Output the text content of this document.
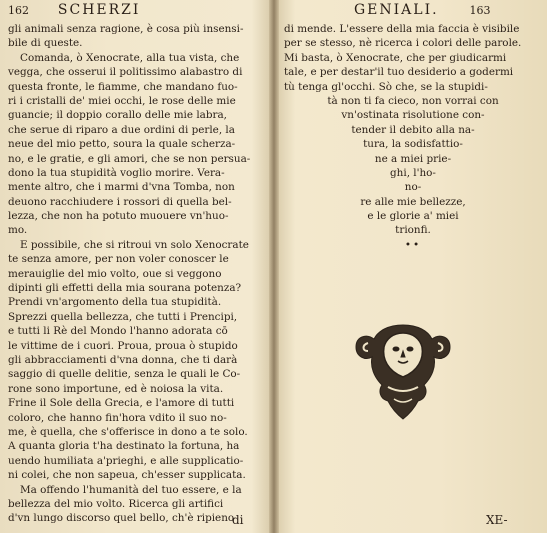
162 SCHERZI
gli animali senza ragione, è cosa più insensi-
bile di queste.
Comanda, ò Xenocrate, alla tua vista, che
vegga, che osserui il politissimo alabastro di
questa fronte, le fiamme, che mandano fuo-
ri i cristalli de' miei occhi, le rose delle mie
guancie; il doppio corallo delle mie labra,
che serue di riparo a due ordini di perle, la
neue del mio petto, soura la quale scherza-
no, e le gratie, e gli amori, che se non persua-
dono la tua stupidità voglio morire. Vera-
mente altro, che i marmi d'vna Tomba, non
deuono racchiudere i rossori di quella bel-
lezza, che non ha potuto muouere vn'huo-
mo.
E possibile, che si ritroui vn solo Xenocrate
te senza amore, per non voler conoscer le
merauiglie del mio volto, oue si veggono
dipinti gli effetti della mia sourana potenza?
Prendi vn'argomento della tua stupidità.
Sprezzi quella bellezza, che tutti i Prencipi,
e tutti li Rè del Mondo l'hanno adorata cō
le vittime de i cuori. Proua, proua ò stupido
gli abbracciamenti d'vna donna, che ti darà
saggio di quelle delitie, senza le quali le Co-
rone sono importune, ed è noiosa la vita.
Frine il Sole della Grecia, e l'amore di tutti
coloro, che hanno fin'hora vdito il suo no-
me, è quella, che s'offerisce in dono a te solo.
A quanta gloria t'ha destinato la fortuna, ha
uendo humiliata a'prieghi, e alle supplicatio-
ni colei, che non sapeua, ch'esser supplicata.
Ma offendo l'humanità del tuo essere, e la
bellezza del mio volto. Ricerca gli artifici
d'vn lungo discorso quel bello, ch'è ripieno
di
GENIALI.	163
di mende. L'essere della mia faccia è visibile
per se stesso, nè ricerca i colori delle parole.
Mi basta, ò Xenocrate, che per giudicarmi
tale, e per destar'il tuo desiderio a godermi
tù tenga gl'occhi. Sò che, se la stupidi-
tà non ti fa cieco, non vorrai con
vn'ostinata risolutione con-
tender il debito alla na-
tura, la sodisfattio-
ne a miei prie-
ghi, l'ho-
no-
re alle mie bellezze,
e le glorie a' miei
trionfi.
••
XE-
